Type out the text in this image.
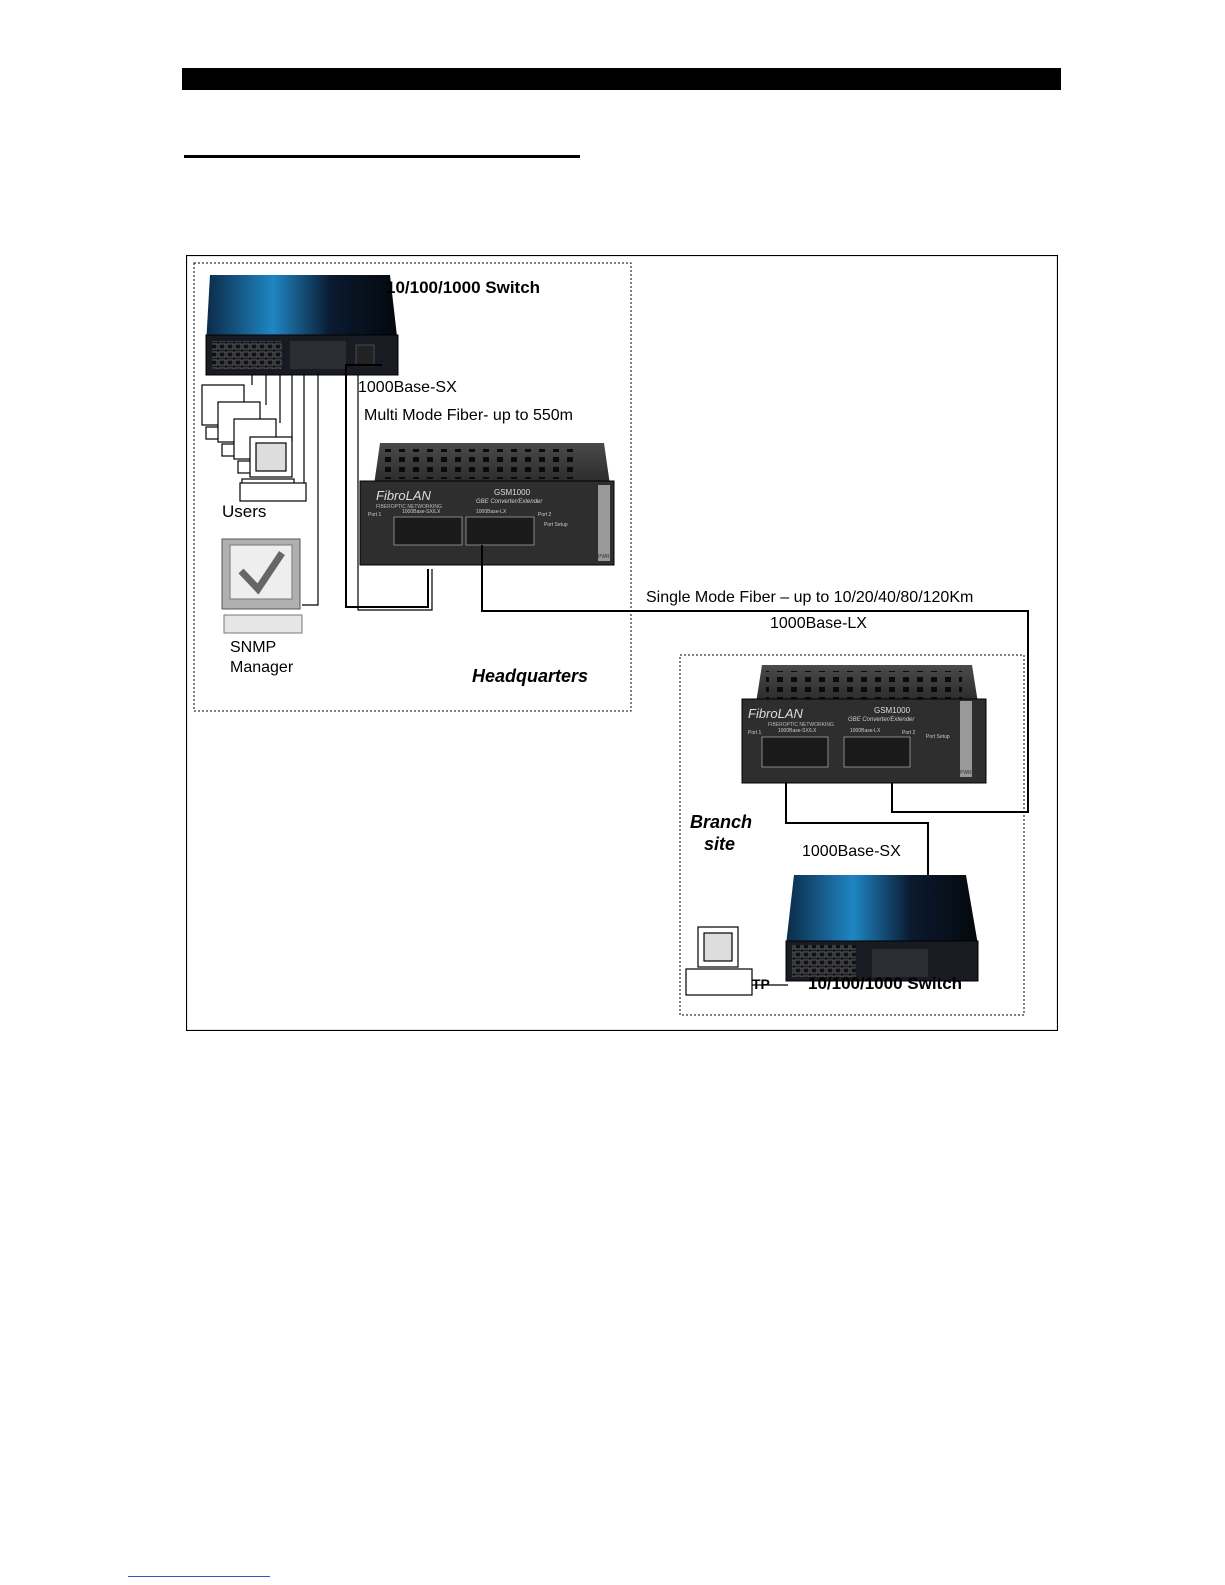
10/100/1000 Switch
1000Base-SX
Multi Mode Fiber- up to 550m
Users
SNMP
Manager	Headquarters
Single Mode Fiber – up to 10/20/40/80/120Km
1000Base-LX
Branch
site	1000Base-SX
TP 10/100/1000 Switch
FibroLAN
FIBEROPTIC NETWORKING
GSM1000
GBE Converter/Extender
Port 1	Port 2
1000Base-SX/LX	1000Base-LX
Port Setup
PWR
FibroLAN
FIBEROPTIC NETWORKING
GSM1000
GBE Converter/Extender
Port 1	Port 2
1000Base-SX/LX	1000Base-LX
Port Setup
PWR
